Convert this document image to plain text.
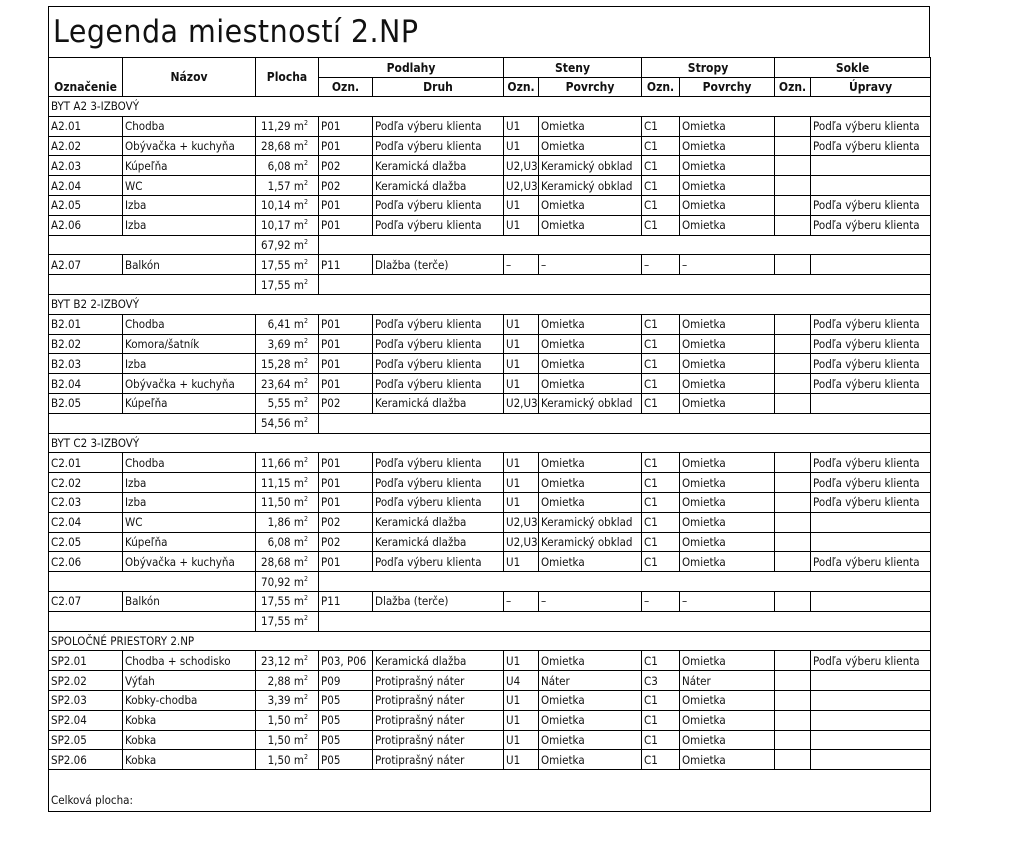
Legenda miestností 2.NP
Označenie	Názov	Plocha	Podlahy		Steny		Stropy		Sokle	
			Ozn.	Druh	Ozn.	Povrchy	Ozn.	Povrchy	Ozn.	Úpravy
BYT A2 3-IZBOVÝ										
A2.01	Chodba	11,29 $m^2$	P01	Podľa výberu klienta	U1	Omietka	C1	Omietka		Podľa výberu klienta
A2.02	Obývačka + kuchyňa	28,68 $m^2$	P01	Podľa výberu klienta	U1	Omietka	C1	Omietka		Podľa výberu klienta
A2.03	Kúpeľňa	6,08 $m^2$	P02	Keramická dlažba	U2,U3	Keramický obklad	C1	Omietka		
A2.04	WC	1,57 $m^2$	P02	Keramická dlažba	U2,U3	Keramický obklad	C1	Omietka		
A2.05	Izba	10,14 $m^2$	P01	Podľa výberu klienta	U1	Omietka	C1	Omietka		Podľa výberu klienta
A2.06	Izba	10,17 $m^2$	P01	Podľa výberu klienta	U1	Omietka	C1	Omietka		Podľa výberu klienta
		67,92 $m^2$	
A2.07	Balkón	17,55 $m^2$	P11	Dlažba (terče)	–	–	–	–		
		17,55 $m^2$	
BYT B2 2-IZBOVÝ										
B2.01	Chodba	6,41 $m^2$	P01	Podľa výberu klienta	U1	Omietka	C1	Omietka		Podľa výberu klienta
B2.02	Komora/šatník	3,69 $m^2$	P01	Podľa výberu klienta	U1	Omietka	C1	Omietka		Podľa výberu klienta
B2.03	Izba	15,28 $m^2$	P01	Podľa výberu klienta	U1	Omietka	C1	Omietka		Podľa výberu klienta
B2.04	Obývačka + kuchyňa	23,64 $m^2$	P01	Podľa výberu klienta	U1	Omietka	C1	Omietka		Podľa výberu klienta
B2.05	Kúpeľňa	5,55 $m^2$	P02	Keramická dlažba	U2,U3	Keramický obklad	C1	Omietka		
		54,56 $m^2$	
BYT C2 3-IZBOVÝ										
C2.01	Chodba	11,66 $m^2$	P01	Podľa výberu klienta	U1	Omietka	C1	Omietka		Podľa výberu klienta
C2.02	Izba	11,15 $m^2$	P01	Podľa výberu klienta	U1	Omietka	C1	Omietka		Podľa výberu klienta
C2.03	Izba	11,50 $m^2$	P01	Podľa výberu klienta	U1	Omietka	C1	Omietka		Podľa výberu klienta
C2.04	WC	1,86 $m^2$	P02	Keramická dlažba	U2,U3	Keramický obklad	C1	Omietka		
C2.05	Kúpeľňa	6,08 $m^2$	P02	Keramická dlažba	U2,U3	Keramický obklad	C1	Omietka		
C2.06	Obývačka + kuchyňa	28,68 $m^2$	P01	Podľa výberu klienta	U1	Omietka	C1	Omietka		Podľa výberu klienta
		70,92 $m^2$	
C2.07	Balkón	17,55 $m^2$	P11	Dlažba (terče)	–	–	–	–		
		17,55 $m^2$	
SPOLOČNÉ PRIESTORY 2.NP										
SP2.01	Chodba + schodisko	23,12 $m^2$	P03, P06	Keramická dlažba	U1	Omietka	C1	Omietka		Podľa výberu klienta
SP2.02	Výťah	2,88 $m^2$	P09	Protiprašný náter	U4	Náter	C3	Náter		
SP2.03	Kobky-chodba	3,39 $m^2$	P05	Protiprašný náter	U1	Omietka	C1	Omietka		
SP2.04	Kobka	1,50 $m^2$	P05	Protiprašný náter	U1	Omietka	C1	Omietka		
SP2.05	Kobka	1,50 $m^2$	P05	Protiprašný náter	U1	Omietka	C1	Omietka		
SP2.06	Kobka	1,50 $m^2$	P05	Protiprašný náter	U1	Omietka	C1	Omietka		
Celková plocha:										
